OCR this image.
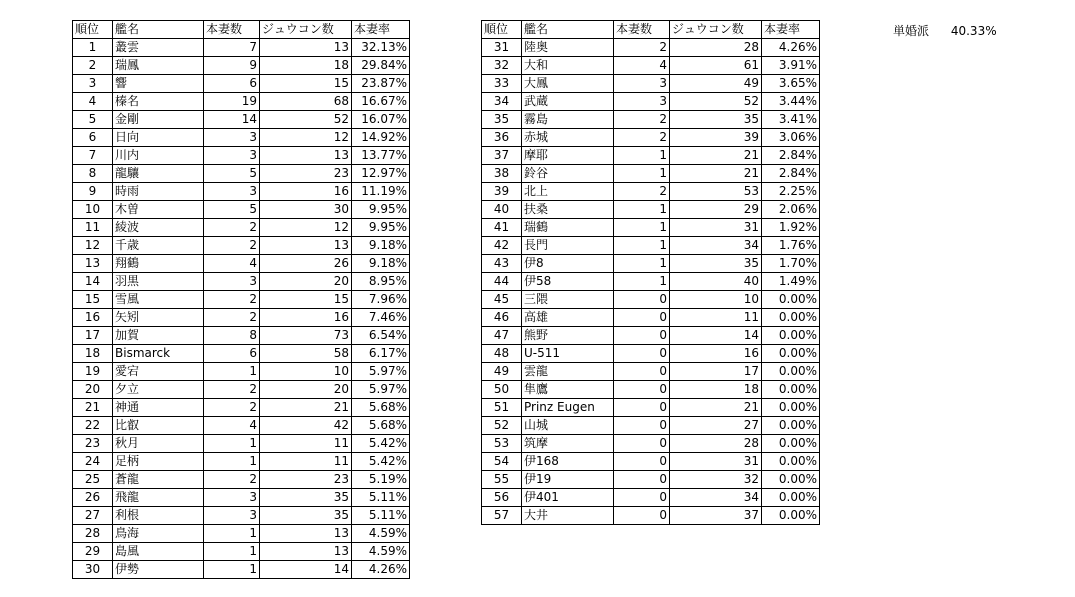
順位	艦名	本妻数	ジュウコン数	本妻率
1	叢雲	7	13	32.13%
2	瑞鳳	9	18	29.84%
3	響	6	15	23.87%
4	榛名	19	68	16.67%
5	金剛	14	52	16.07%
6	日向	3	12	14.92%
7	川内	3	13	13.77%
8	龍驤	5	23	12.97%
9	時雨	3	16	11.19%
10	木曽	5	30	9.95%
11	綾波	2	12	9.95%
12	千歳	2	13	9.18%
13	翔鶴	4	26	9.18%
14	羽黒	3	20	8.95%
15	雪風	2	15	7.96%
16	矢矧	2	16	7.46%
17	加賀	8	73	6.54%
18	Bismarck	6	58	6.17%
19	愛宕	1	10	5.97%
20	夕立	2	20	5.97%
21	神通	2	21	5.68%
22	比叡	4	42	5.68%
23	秋月	1	11	5.42%
24	足柄	1	11	5.42%
25	蒼龍	2	23	5.19%
26	飛龍	3	35	5.11%
27	利根	3	35	5.11%
28	鳥海	1	13	4.59%
29	島風	1	13	4.59%
30	伊勢	1	14	4.26%
順位	艦名	本妻数	ジュウコン数	本妻率
31	陸奥	2	28	4.26%
32	大和	4	61	3.91%
33	大鳳	3	49	3.65%
34	武蔵	3	52	3.44%
35	霧島	2	35	3.41%
36	赤城	2	39	3.06%
37	摩耶	1	21	2.84%
38	鈴谷	1	21	2.84%
39	北上	2	53	2.25%
40	扶桑	1	29	2.06%
41	瑞鶴	1	31	1.92%
42	長門	1	34	1.76%
43	伊8	1	35	1.70%
44	伊58	1	40	1.49%
45	三隈	0	10	0.00%
46	高雄	0	11	0.00%
47	熊野	0	14	0.00%
48	U-511	0	16	0.00%
49	雲龍	0	17	0.00%
50	隼鷹	0	18	0.00%
51	Prinz Eugen	0	21	0.00%
52	山城	0	27	0.00%
53	筑摩	0	28	0.00%
54	伊168	0	31	0.00%
55	伊19	0	32	0.00%
56	伊401	0	34	0.00%
57	大井	0	37	0.00%
単婚派 40.33%
